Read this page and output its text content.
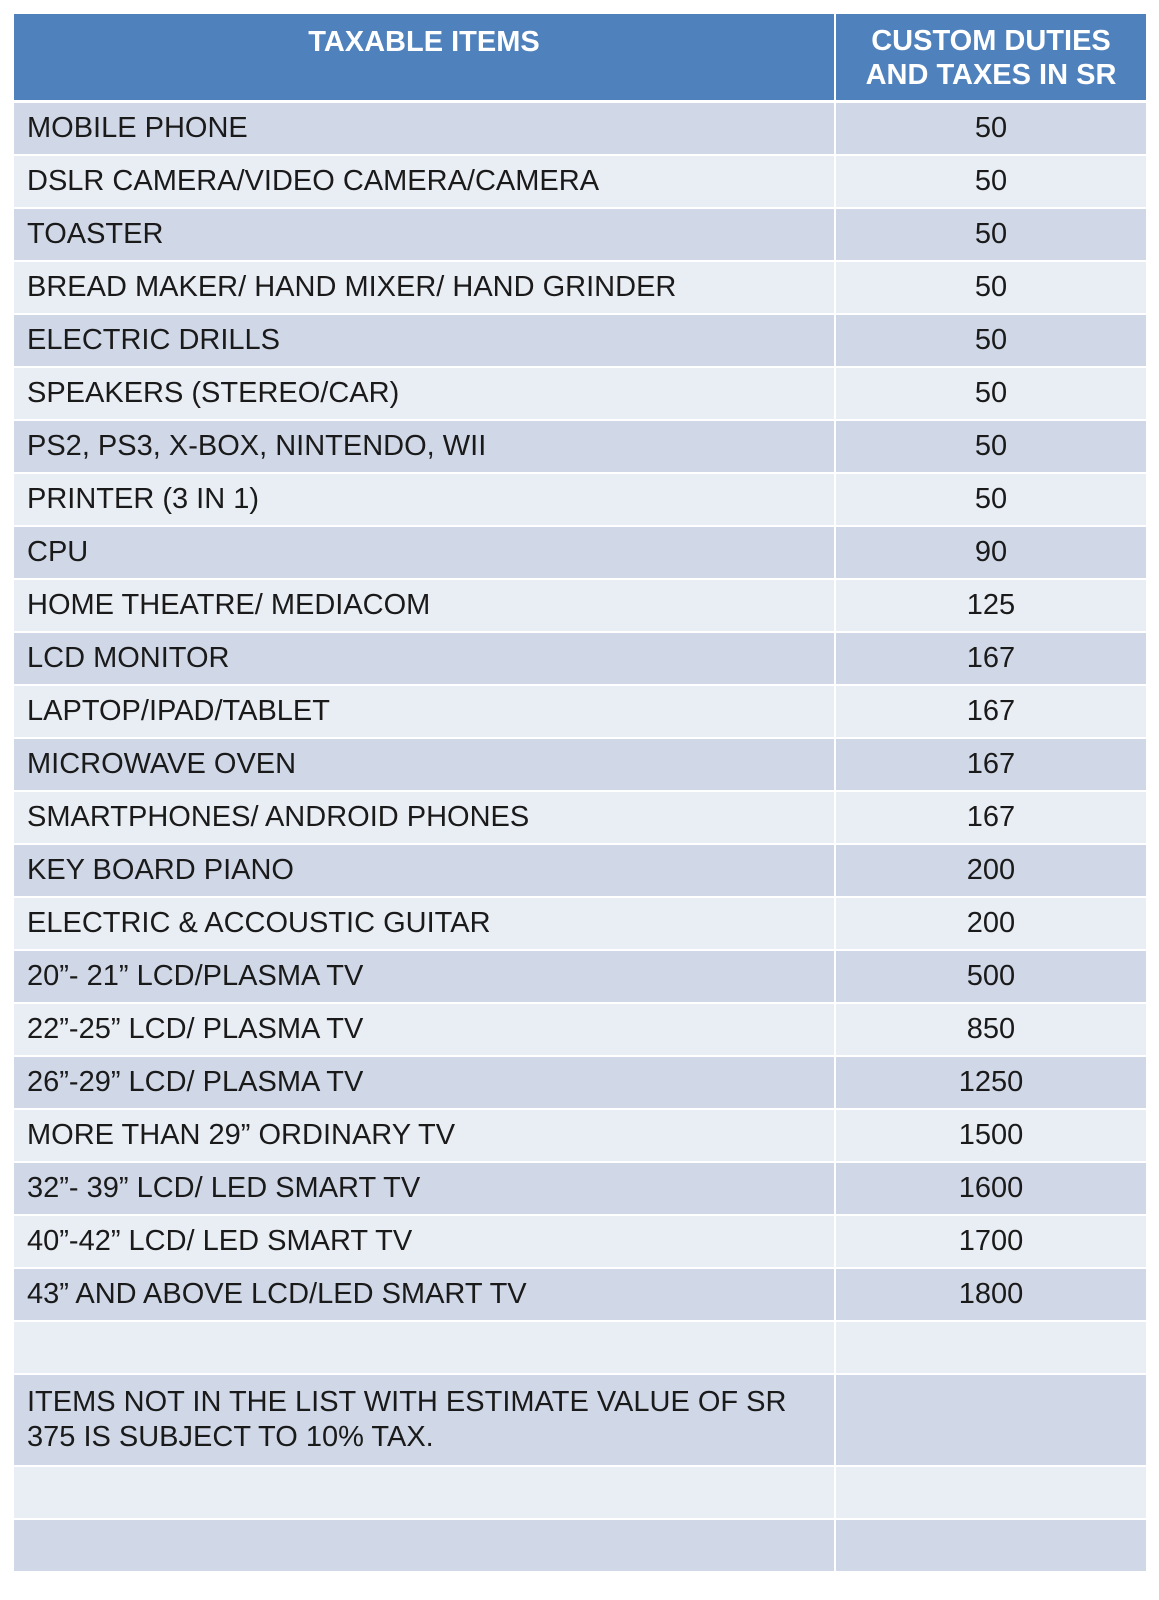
TAXABLE ITEMS	CUSTOM DUTIES
AND TAXES IN SR
MOBILE PHONE	50
DSLR CAMERA/VIDEO CAMERA/CAMERA	50
TOASTER	50
BREAD MAKER/ HAND MIXER/ HAND GRINDER	50
ELECTRIC DRILLS	50
SPEAKERS (STEREO/CAR)	50
PS2, PS3, X-BOX, NINTENDO, WII	50
PRINTER (3 IN 1)	50
CPU	90
HOME THEATRE/ MEDIACOM	125
LCD MONITOR	167
LAPTOP/IPAD/TABLET	167
MICROWAVE OVEN	167
SMARTPHONES/ ANDROID PHONES	167
KEY BOARD PIANO	200
ELECTRIC & ACCOUSTIC GUITAR	200
20”- 21” LCD/PLASMA TV	500
22”-25” LCD/ PLASMA TV	850
26”-29” LCD/ PLASMA TV	1250
MORE THAN 29” ORDINARY TV	1500
32”- 39” LCD/ LED SMART TV	1600
40”-42” LCD/ LED SMART TV	1700
43” AND ABOVE LCD/LED SMART TV	1800

ITEMS NOT IN THE LIST WITH ESTIMATE VALUE OF SR 375 IS SUBJECT TO 10% TAX.	
